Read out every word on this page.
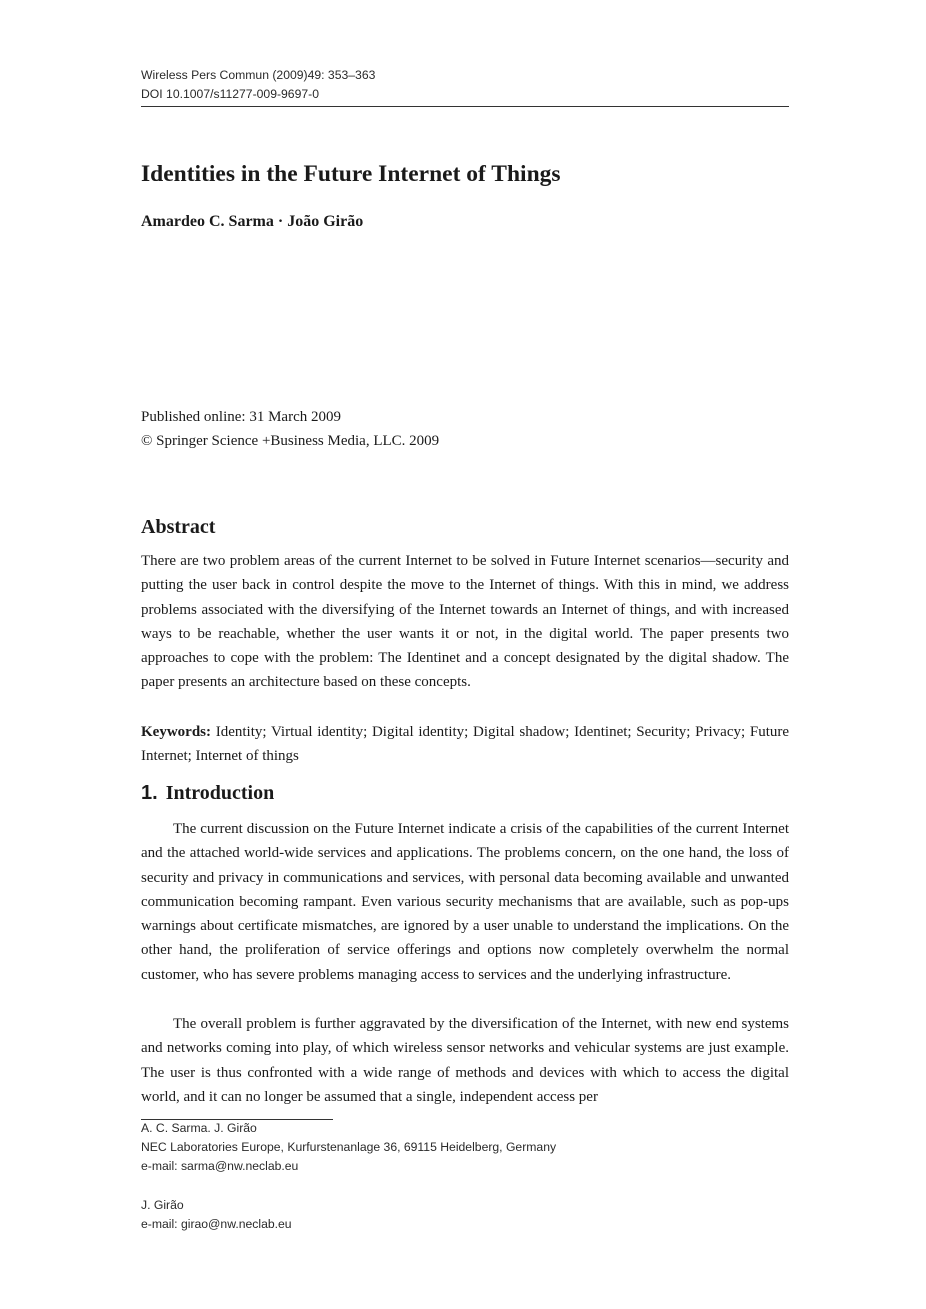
Wireless Pers Commun (2009)49: 353–363
DOI 10.1007/s11277-009-9697-0
Identities in the Future Internet of Things
Amardeo C. Sarma · João Girão
Published online: 31 March 2009
© Springer Science +Business Media, LLC. 2009
Abstract

There are two problem areas of the current Internet to be solved in Future Internet scenarios—security and putting the user back in control despite the move to the Internet of things. With this in mind, we address problems associated with the diversifying of the Internet towards an Internet of things, and with increased ways to be reachable, whether the user wants it or not, in the digital world. The paper presents two approaches to cope with the problem: The Identinet and a concept designated by the digital shadow. The paper presents an architecture based on these concepts.

Keywords: Identity; Virtual identity; Digital identity; Digital shadow; Identinet; Security; Privacy; Future Internet; Internet of things

1. Introduction

The current discussion on the Future Internet indicate a crisis of the capabilities of the current Internet and the attached world-wide services and applications. The problems concern, on the one hand, the loss of security and privacy in communications and services, with personal data becoming available and unwanted communication becoming rampant. Even various security mechanisms that are available, such as pop-ups warnings about certificate mismatches, are ignored by a user unable to understand the implications. On the other hand, the proliferation of service offerings and options now completely overwhelm the normal customer, who has severe problems managing access to services and the underlying infrastructure.

The overall problem is further aggravated by the diversification of the Internet, with new end systems and networks coming into play, of which wireless sensor networks and vehicular systems are just example. The user is thus confronted with a wide range of methods and devices with which to access the digital world, and it can no longer be assumed that a single, independent access per

A. C. Sarma. J. Girão
NEC Laboratories Europe, Kurfurstenanlage 36, 69115 Heidelberg, Germany
e-mail: sarma@nw.neclab.eu
J. Girão
e-mail: girao@nw.neclab.eu
